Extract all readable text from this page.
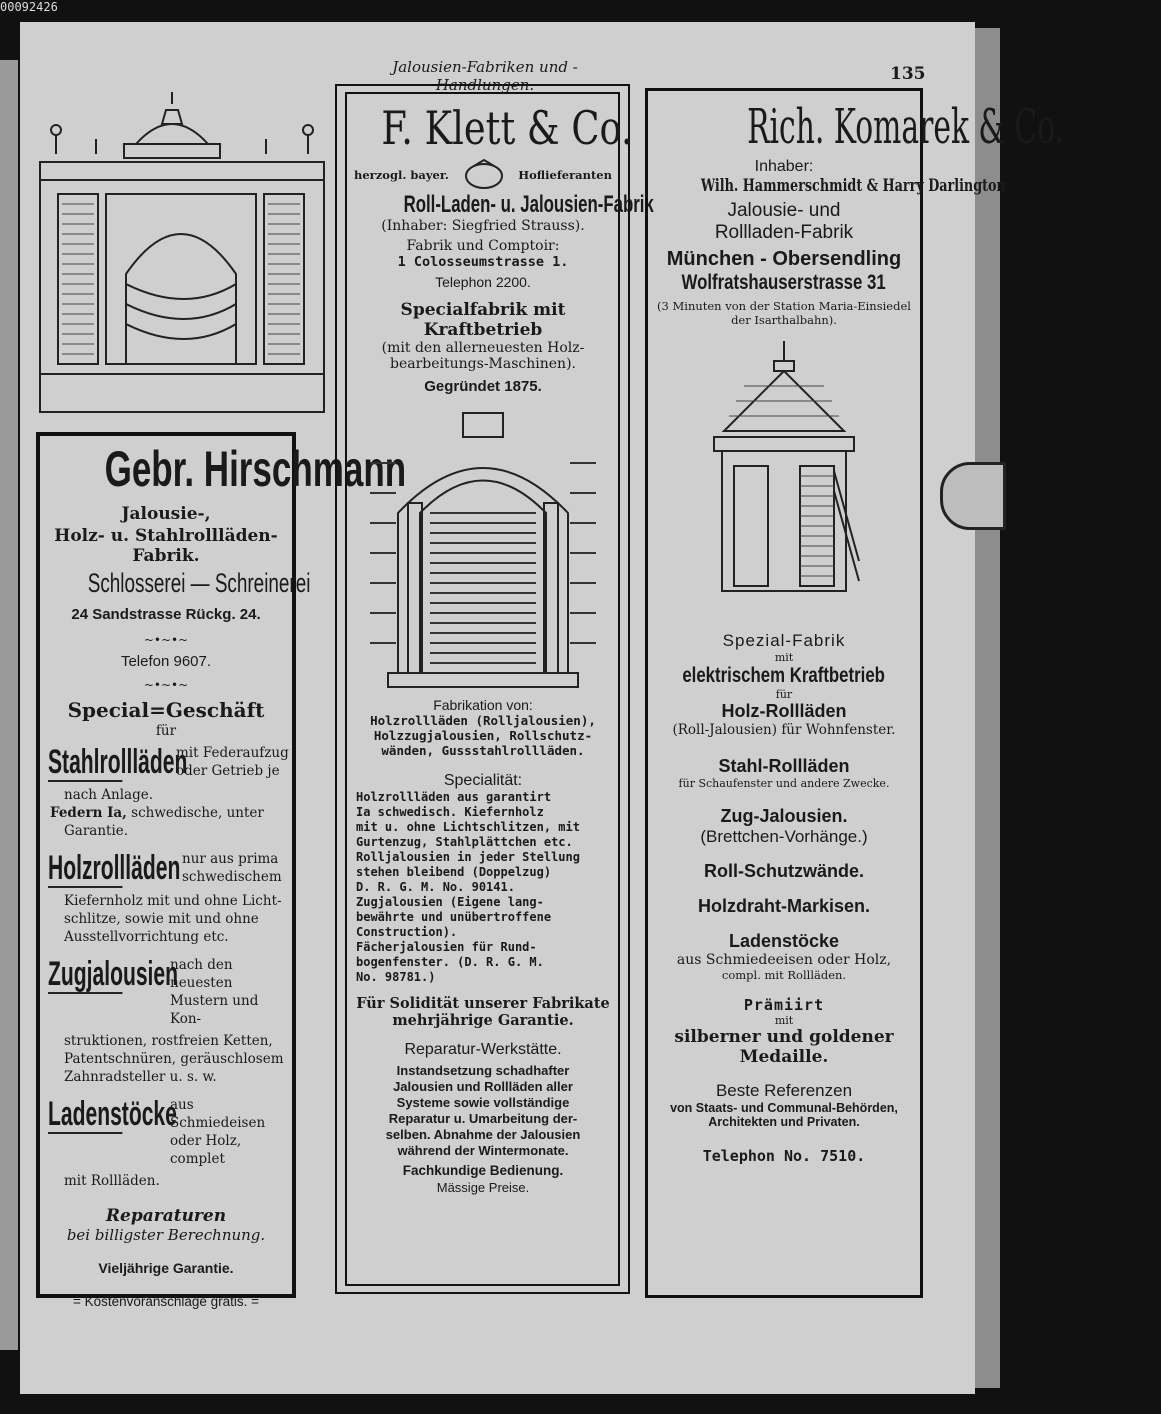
00092426
Jalousien-Fabriken und -Handlungen.
135
Gebr. Hirschmann
Jalousie-,
Holz- u. Stahlrollläden-Fabrik.
Schlosserei — Schreinerei
24 Sandstrasse Rückg. 24.
~•~•~
Telefon 9607.
~•~•~
Special=Geschäft
für
Stahlrollläden
mit Federaufzug
oder Getrieb je
nach Anlage.
Federn Ia, schwedische, unter
Garantie.
Holzrollläden nur aus prima
schwedischem
Kiefernholz mit und ohne Licht-
schlitze, sowie mit und ohne
Ausstellvorrichtung etc.
Zugjalousien
nach den neuesten
Mustern und Kon-
struktionen, rostfreien Ketten,
Patentschnüren, geräuschlosem
Zahnradsteller u. s. w.
Ladenstöcke
aus Schmiedeisen
oder Holz, complet
mit Rollläden.
Reparaturen
bei billigster Berechnung.
Vieljährige Garantie.
= Kostenvoranschläge gratis. =
F. Klett & Co.
herzogl. bayer.	Hoflieferanten
Roll-Laden- u. Jalousien-Fabrik
(Inhaber: Siegfried Strauss).
Fabrik und Comptoir:
1 Colosseumstrasse 1.
Telephon 2200.
Specialfabrik mit Kraftbetrieb
(mit den allerneuesten Holz-
bearbeitungs-Maschinen).
Gegründet 1875.
Fabrikation von:
Holzrollläden (Rolljalousien),
Holzzugjalousien, Rollschutz-
wänden, Gussstahlrollläden.
Specialität:
Holzrollläden aus garantirt
Ia schwedisch. Kiefernholz
mit u. ohne Lichtschlitzen, mit
Gurtenzug, Stahlplättchen etc.
Rolljalousien in jeder Stellung
stehen bleibend (Doppelzug)
D. R. G. M. No. 90141.
Zugjalousien (Eigene lang-
bewährte und unübertroffene
Construction).
Fächerjalousien für Rund-
bogenfenster. (D. R. G. M.
No. 98781.)
Für Solidität unserer Fabrikate
mehrjährige Garantie.
Reparatur-Werkstätte.
Instandsetzung schadhafter
Jalousien und Rollläden aller
Systeme sowie vollständige
Reparatur u. Umarbeitung der-
selben. Abnahme der Jalousien
während der Wintermonate.
Fachkundige Bedienung.
Mässige Preise.
Rich. Komarek & Co.
Inhaber:
Wilh. Hammerschmidt & Harry Darlington
Jalousie- und
Rollladen-Fabrik
München - Obersendling
Wolfratshauserstrasse 31
(3 Minuten von der Station Maria-Einsiedel
der Isarthalbahn).
Spezial-Fabrik
mit
elektrischem Kraftbetrieb
für
Holz-Rollläden
(Roll-Jalousien) für Wohnfenster.
Stahl-Rollläden
für Schaufenster und andere Zwecke.
Zug-Jalousien.
(Brettchen-Vorhänge.)
Roll-Schutzwände.
Holzdraht-Markisen.
Ladenstöcke
aus Schmiedeeisen oder Holz,
compl. mit Rollläden.
Prämiirt
mit
silberner und goldener Medaille.
Beste Referenzen
von Staats- und Communal-Behörden,
Architekten und Privaten.
Telephon No. 7510.
